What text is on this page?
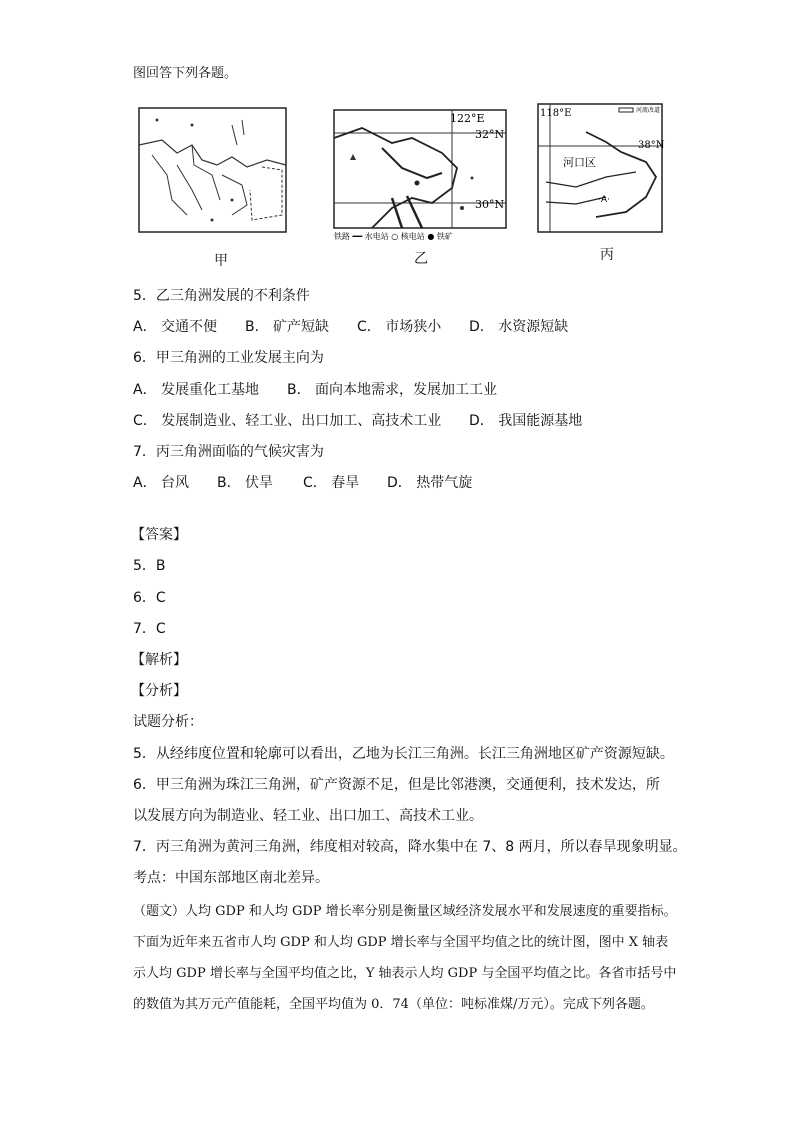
图回答下列各题。
甲
122°E
32°N
30°N
铁路 ━━ 水电站 ○ 核电站 ● 铁矿
乙
118°E	河流改道
38°N
河口区
·A·
丙
5．乙三角洲发展的不利条件
A． 交通不便 B． 矿产短缺 C． 市场狭小 D． 水资源短缺
6．甲三角洲的工业发展主向为
A． 发展重化工基地 B． 面向本地需求，发展加工工业
C． 发展制造业、轻工业、出口加工、高技术工业 D． 我国能源基地
7．丙三角洲面临的气候灾害为
A． 台风 B． 伏旱 C． 春旱 D． 热带气旋
【答案】
5．B
6．C
7．C
【解析】
【分析】
试题分析：
5．从经纬度位置和轮廓可以看出，乙地为长江三角洲。长江三角洲地区矿产资源短缺。
6．甲三角洲为珠江三角洲，矿产资源不足，但是比邻港澳，交通便利，技术发达，所
以发展方向为制造业、轻工业、出口加工、高技术工业。
7．丙三角洲为黄河三角洲，纬度相对较高，降水集中在 7、8 两月，所以春旱现象明显。
考点：中国东部地区南北差异。
（题文）人均 GDP 和人均 GDP 增长率分别是衡量区域经济发展水平和发展速度的重要指标。下面为近年来五省市人均 GDP 和人均 GDP 增长率与全国平均值之比的统计图，图中 X 轴表示人均 GDP 增长率与全国平均值之比，Y 轴表示人均 GDP 与全国平均值之比。各省市括号中的数值为其万元产值能耗，全国平均值为 0．74（单位：吨标准煤/万元）。完成下列各题。
